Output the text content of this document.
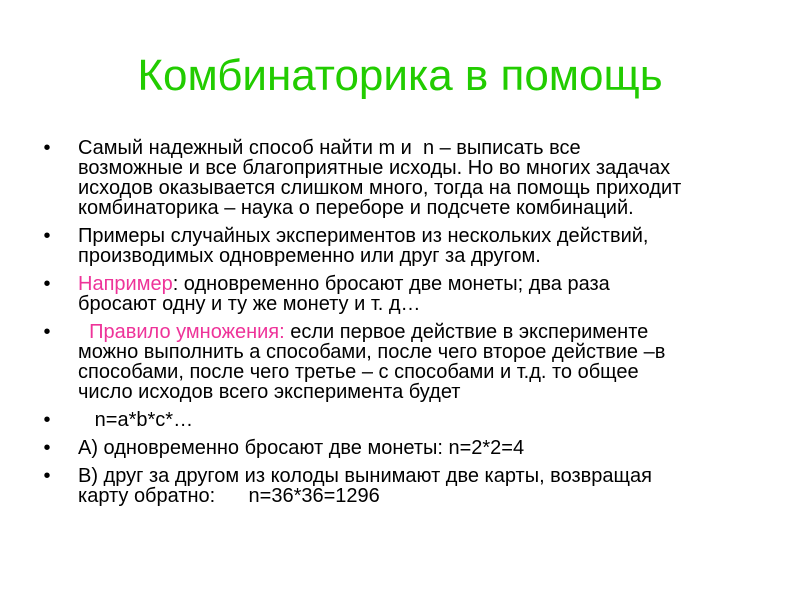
Комбинаторика в помощь
• Самый надежный способ найти m и  n – выписать все
возможные и все благоприятные исходы. Но во многих задачах
исходов оказывается слишком много, тогда на помощь приходит
комбинаторика – наука о переборе и подсчете комбинаций.
• Примеры случайных экспериментов из нескольких действий,
производимых одновременно или друг за другом.
• Например: одновременно бросают две монеты; два раза
бросают одну и ту же монету и т. д…
•	Правило умножения: если первое действие в эксперименте
можно выполнить a способами, после чего второе действие –в
способами, после чего третье – с способами и т.д. то общее
число исходов всего эксперимента будет
• n=a*b*c*…
• А) одновременно бросают две монеты: n=2*2=4
• В) друг за другом из колоды вынимают две карты, возвращая
карту обратно:      n=36*36=1296
